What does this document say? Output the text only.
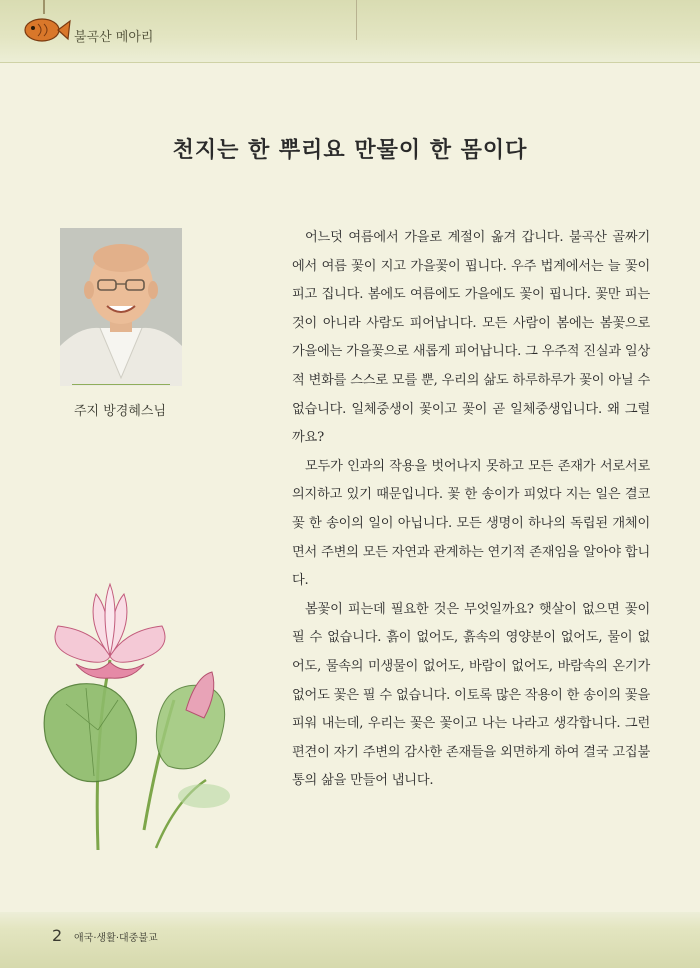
불곡산 메아리
천지는 한 뿌리요 만물이 한 몸이다
주지 방경혜스님

어느덧 여름에서 가을로 계절이 옮겨 갑니다. 불곡산 골짜기에서 여름 꽃이 지고 가을꽃이 핍니다. 우주 법계에서는 늘 꽃이 피고 집니다. 봄에도 여름에도 가을에도 꽃이 핍니다. 꽃만 피는 것이 아니라 사람도 피어납니다. 모든 사람이 봄에는 봄꽃으로 가을에는 가을꽃으로 새롭게 피어납니다. 그 우주적 진실과 일상적 변화를 스스로 모를 뿐, 우리의 삶도 하루하루가 꽃이 아닐 수 없습니다. 일체중생이 꽃이고 꽃이 곧 일체중생입니다. 왜 그럴까요?

모두가 인과의 작용을 벗어나지 못하고 모든 존재가 서로서로 의지하고 있기 때문입니다. 꽃 한 송이가 피었다 지는 일은 결코 꽃 한 송이의 일이 아닙니다. 모든 생명이 하나의 독립된 개체이면서 주변의 모든 자연과 관계하는 연기적 존재임을 알아야 합니다.

봄꽃이 피는데 필요한 것은 무엇일까요? 햇살이 없으면 꽃이 필 수 없습니다. 흙이 없어도, 흙속의 영양분이 없어도, 물이 없어도, 물속의 미생물이 없어도, 바람이 없어도, 바람속의 온기가 없어도 꽃은 필 수 없습니다. 이토록 많은 작용이 한 송이의 꽃을 피워 내는데, 우리는 꽃은 꽃이고 나는 나라고 생각합니다. 그런 편견이 자기 주변의 감사한 존재들을 외면하게 하여 결국 고집불통의 삶을 만들어 냅니다.

2 애국·생활·대중불교
